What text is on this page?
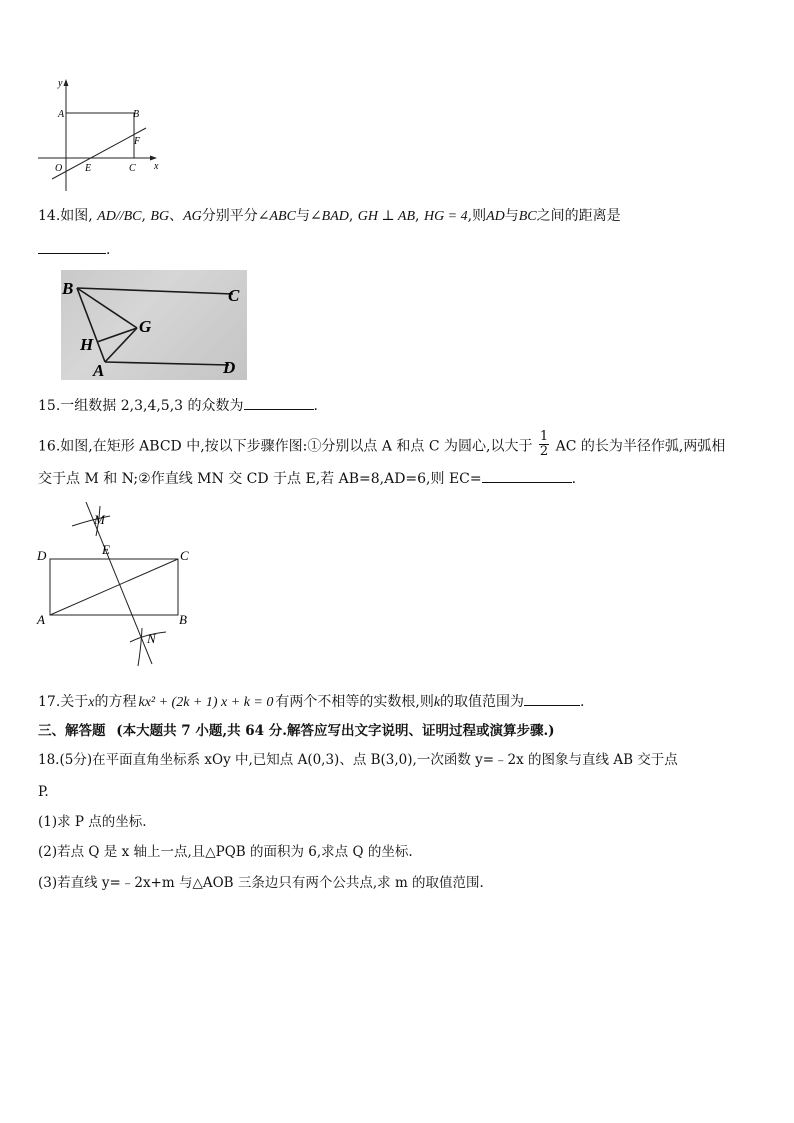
y
x
A	B
O E	C
F
14.如图, AD//BC, BG、AG分别平分∠ABC与∠BAD, GH ⊥ AB, HG = 4,则AD与BC之间的距离是
.
B	C
G
H
A	D
15.一组数据 2,3,4,5,3 的众数为	.
16.如图,在矩形 ABCD 中,按以下步骤作图:①分别以点 A 和点 C 为圆心,以大于 $\frac{1}{2}$ AC 的长为半径作弧,两弧相
交于点 M 和 N;②作直线 MN 交 CD 于点 E,若 AB=8,AD=6,则 EC=	.
M
D	E	C
A	B
N
17.关于x的方程 kx² + (2k + 1) x + k = 0 有两个不相等的实数根,则k的取值范围为	.
三、解答题 (本大题共 7 小题,共 64 分.解答应写出文字说明、证明过程或演算步骤.)
18.(5分)在平面直角坐标系 xOy 中,已知点 A(0,3)、点 B(3,0),一次函数 y=﹣2x 的图象与直线 AB 交于点
P.
(1)求 P 点的坐标.
(2)若点 Q 是 x 轴上一点,且△PQB 的面积为 6,求点 Q 的坐标.
(3)若直线 y=﹣2x+m 与△AOB 三条边只有两个公共点,求 m 的取值范围.
